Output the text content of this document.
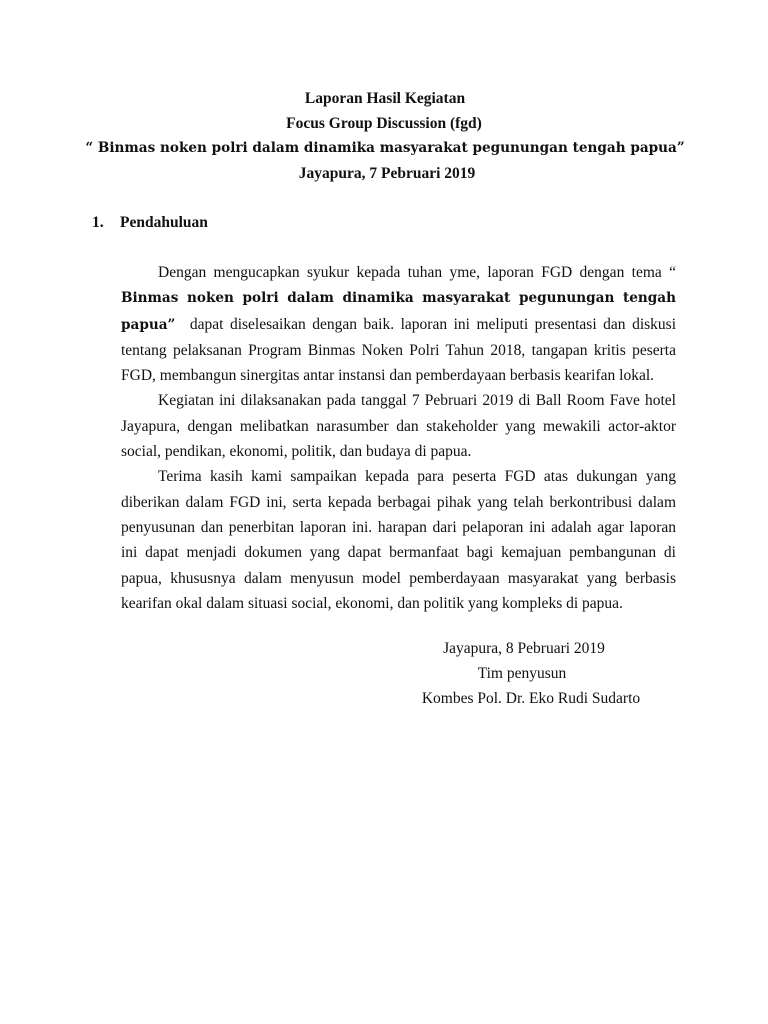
Laporan Hasil Kegiatan
Focus Group Discussion (fgd)
“ Binmas noken polri dalam dinamika masyarakat pegunungan tengah papua”
Jayapura, 7 Pebruari 2019
1. Pendahuluan

Dengan mengucapkan syukur kepada tuhan yme, laporan FGD dengan tema “ Binmas noken polri dalam dinamika masyarakat pegunungan tengah papua” dapat diselesaikan dengan baik. laporan ini meliputi presentasi dan diskusi tentang pelaksanan Program Binmas Noken Polri Tahun 2018, tangapan kritis peserta FGD, membangun sinergitas antar instansi dan pemberdayaan berbasis kearifan lokal.

Kegiatan ini dilaksanakan pada tanggal 7 Pebruari 2019 di Ball Room Fave hotel Jayapura, dengan melibatkan narasumber dan stakeholder yang mewakili actor-aktor social, pendikan, ekonomi, politik, dan budaya di papua.

Terima kasih kami sampaikan kepada para peserta FGD atas dukungan yang diberikan dalam FGD ini, serta kepada berbagai pihak yang telah berkontribusi dalam penyusunan dan penerbitan laporan ini. harapan dari pelaporan ini adalah agar laporan ini dapat menjadi dokumen yang dapat bermanfaat bagi kemajuan pembangunan di papua, khususnya dalam menyusun model pemberdayaan masyarakat yang berbasis kearifan okal dalam situasi social, ekonomi, dan politik yang kompleks di papua.

Jayapura, 8 Pebruari 2019
Tim penyusun
Kombes Pol. Dr. Eko Rudi Sudarto
